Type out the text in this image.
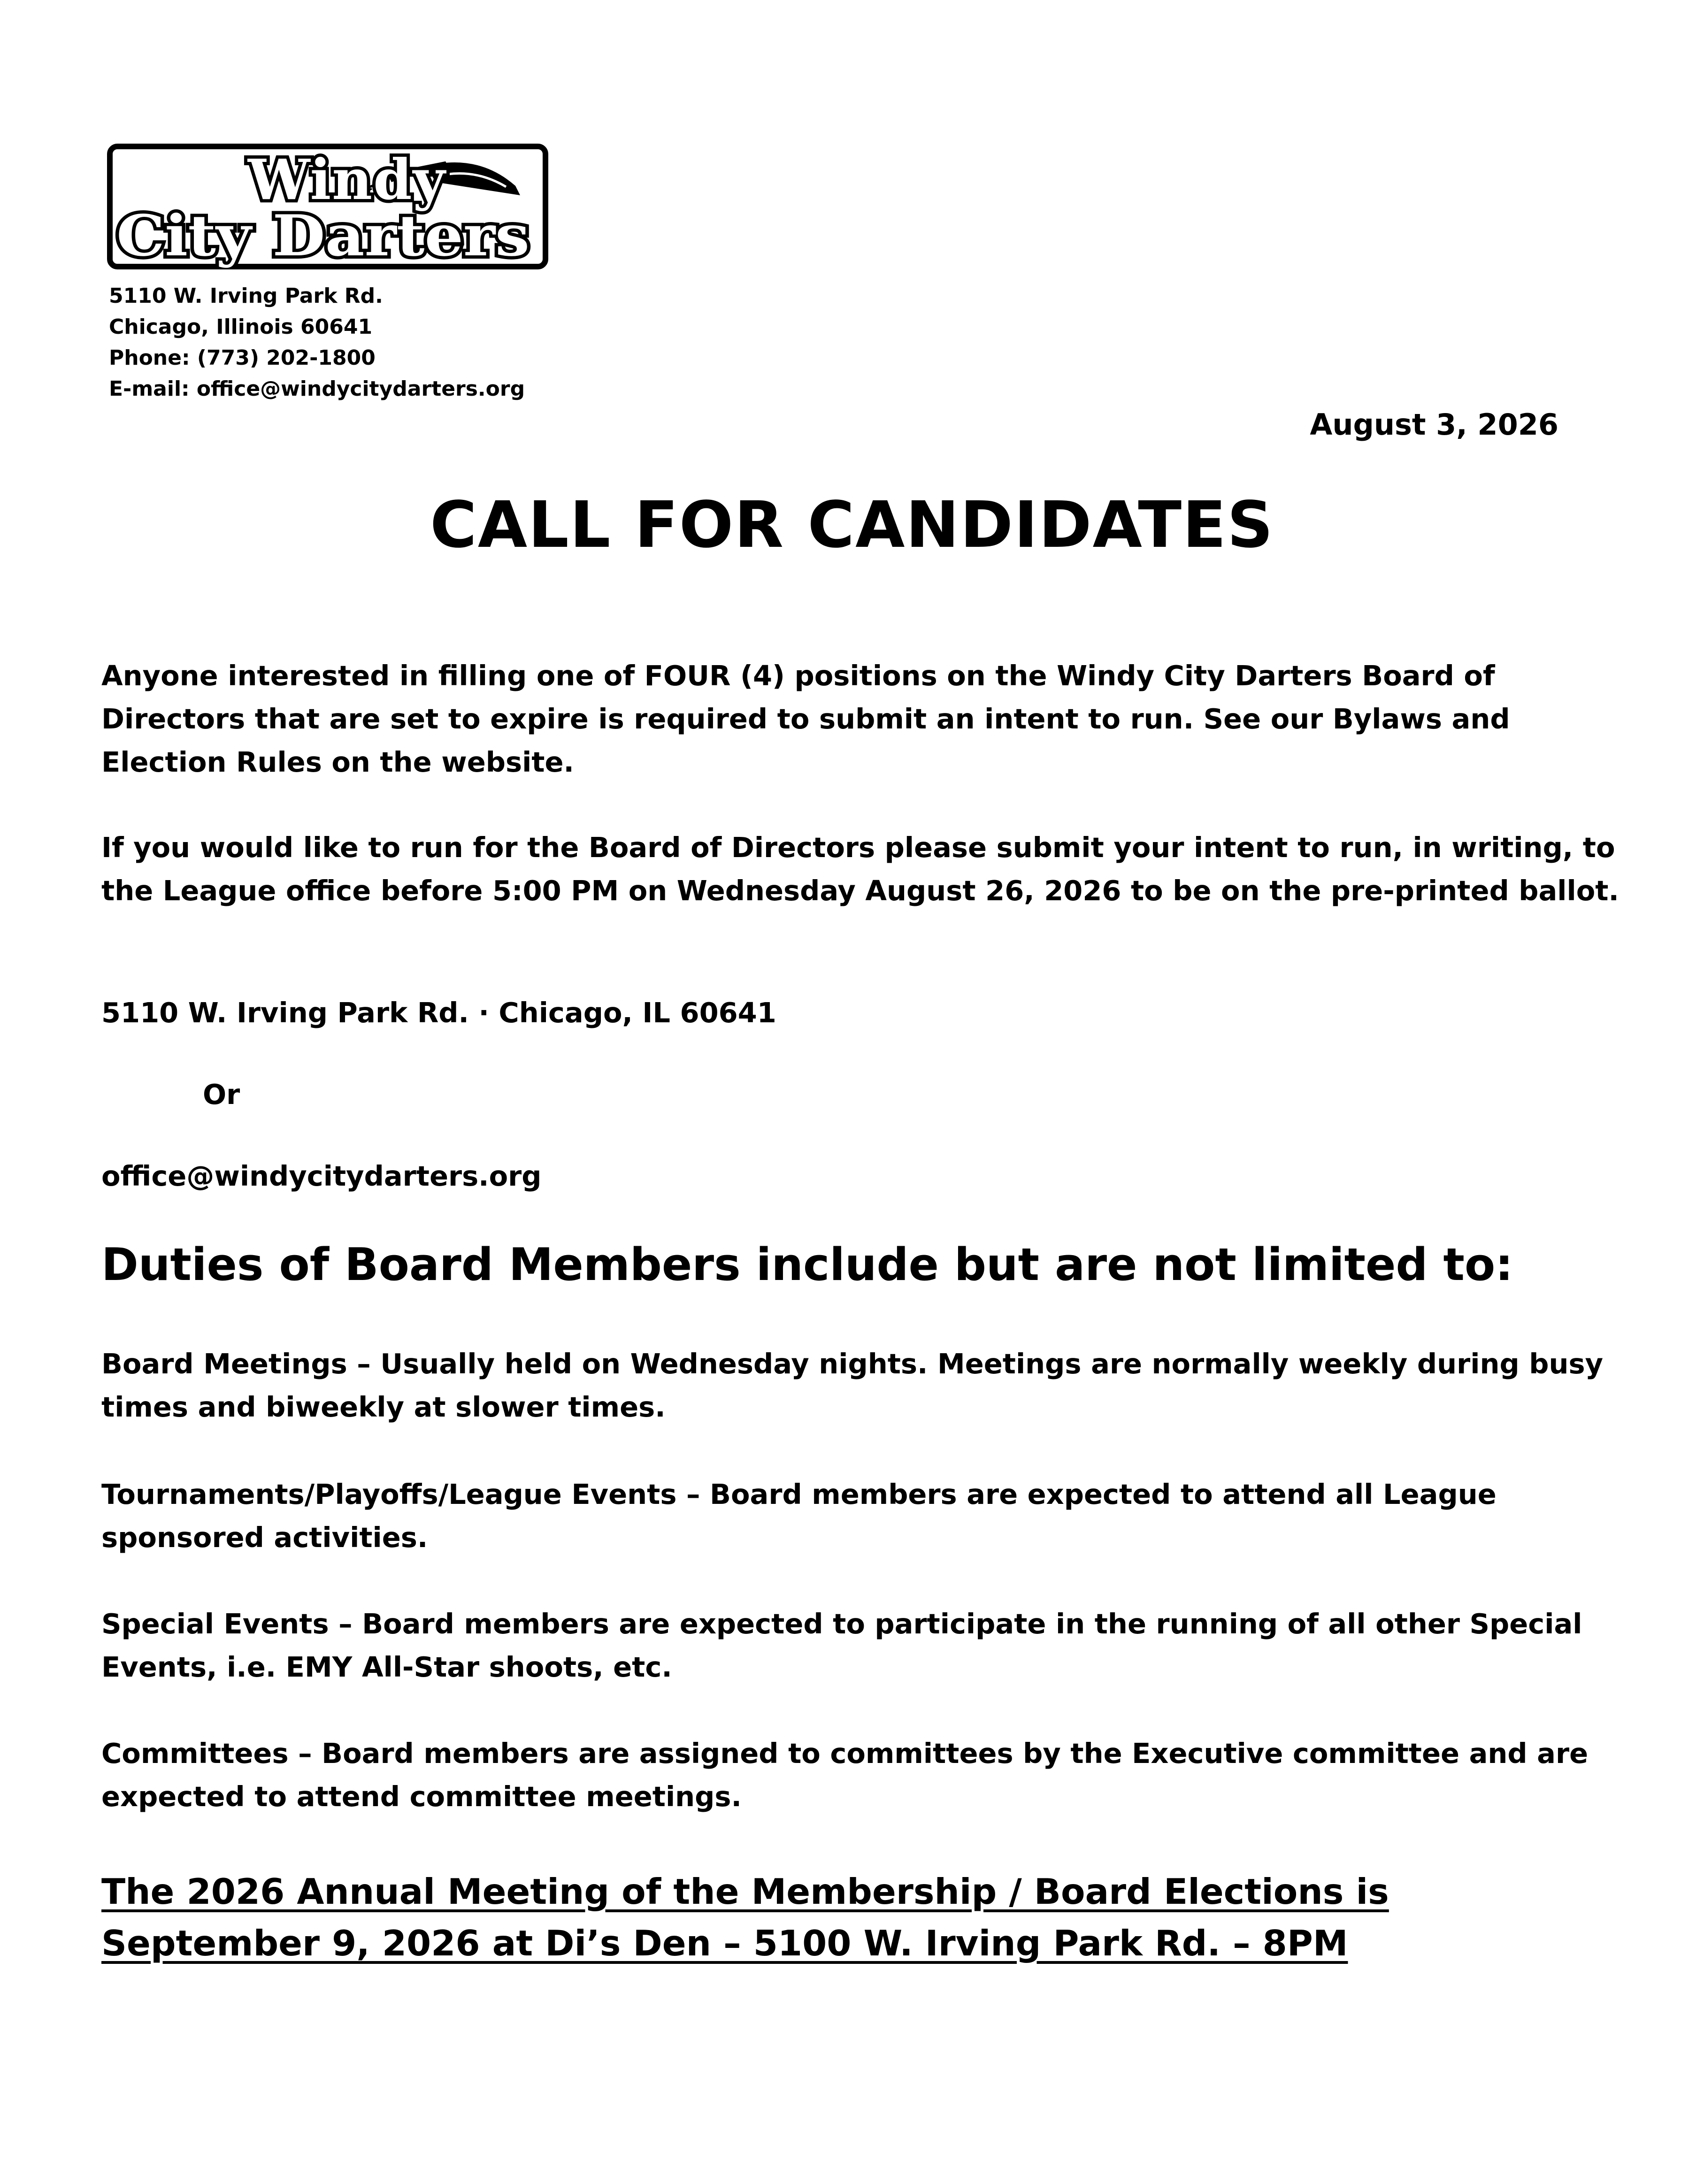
Windy
City Darters
5110 W. Irving Park Rd.
Chicago, Illinois 60641
Phone: (773) 202-1800
E-mail: office@windycitydarters.org
August 3, 2026
CALL FOR CANDIDATES
Anyone interested in filling one of FOUR (4) positions on the Windy City Darters Board of Directors that are set to expire is required to submit an intent to run. See our Bylaws and Election Rules on the website.
If you would like to run for the Board of Directors please submit your intent to run, in writing, to the League office before 5:00 PM on Wednesday August 26, 2026 to be on the pre-printed ballot.
5110 W. Irving Park Rd. · Chicago, IL 60641
Or
office@windycitydarters.org
Duties of Board Members include but are not limited to:
Board Meetings – Usually held on Wednesday nights. Meetings are normally weekly during busy times and biweekly at slower times.
Tournaments/Playoffs/League Events – Board members are expected to attend all League sponsored activities.
Special Events – Board members are expected to participate in the running of all other Special Events, i.e. EMY All-Star shoots, etc.
Committees – Board members are assigned to committees by the Executive committee and are expected to attend committee meetings.
The 2026 Annual Meeting of the Membership / Board Elections is
September 9, 2026 at Di’s Den – 5100 W. Irving Park Rd. – 8PM
